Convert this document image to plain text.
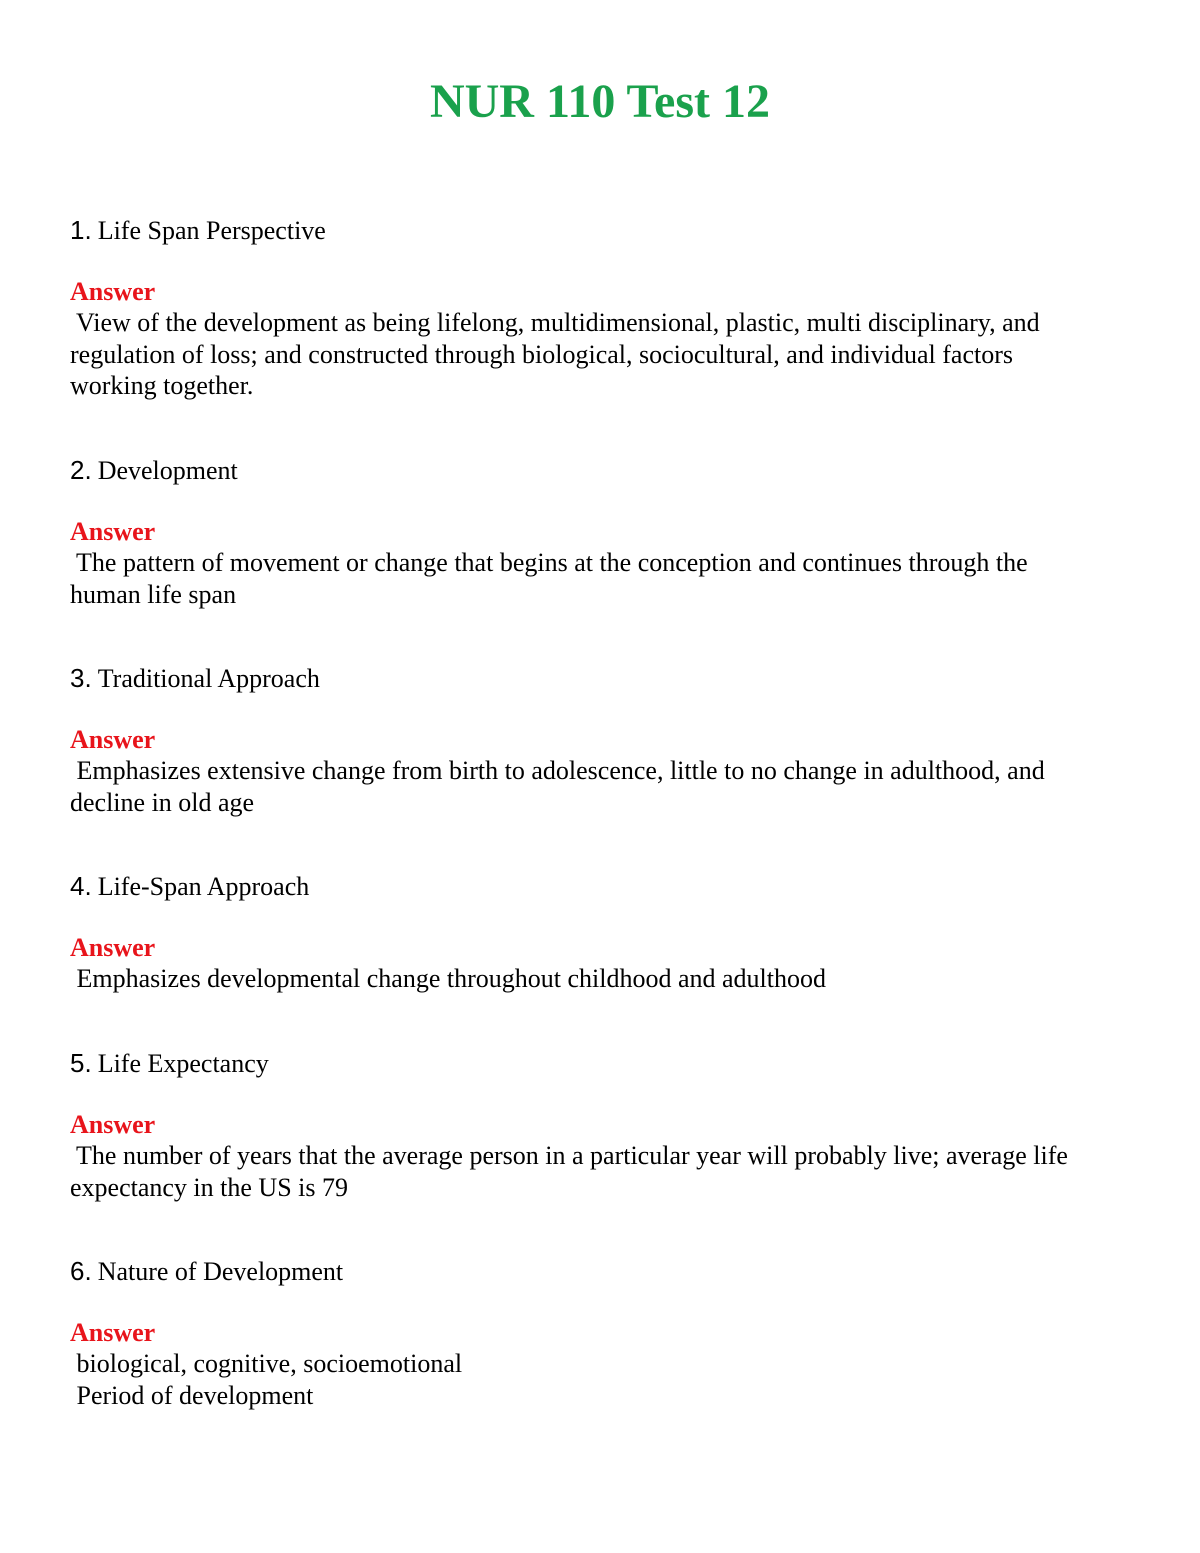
NUR 110 Test 12
1. Life Span Perspective
Answer
View of the development as being lifelong, multidimensional, plastic, multi disciplinary, and
regulation of loss; and constructed through biological, sociocultural, and individual factors
working together.
2. Development
Answer
The pattern of movement or change that begins at the conception and continues through the
human life span
3. Traditional Approach
Answer
Emphasizes extensive change from birth to adolescence, little to no change in adulthood, and
decline in old age
4. Life-Span Approach
Answer
Emphasizes developmental change throughout childhood and adulthood
5. Life Expectancy
Answer
The number of years that the average person in a particular year will probably live; average life
expectancy in the US is 79
6. Nature of Development
Answer
biological, cognitive, socioemotional
Period of development
